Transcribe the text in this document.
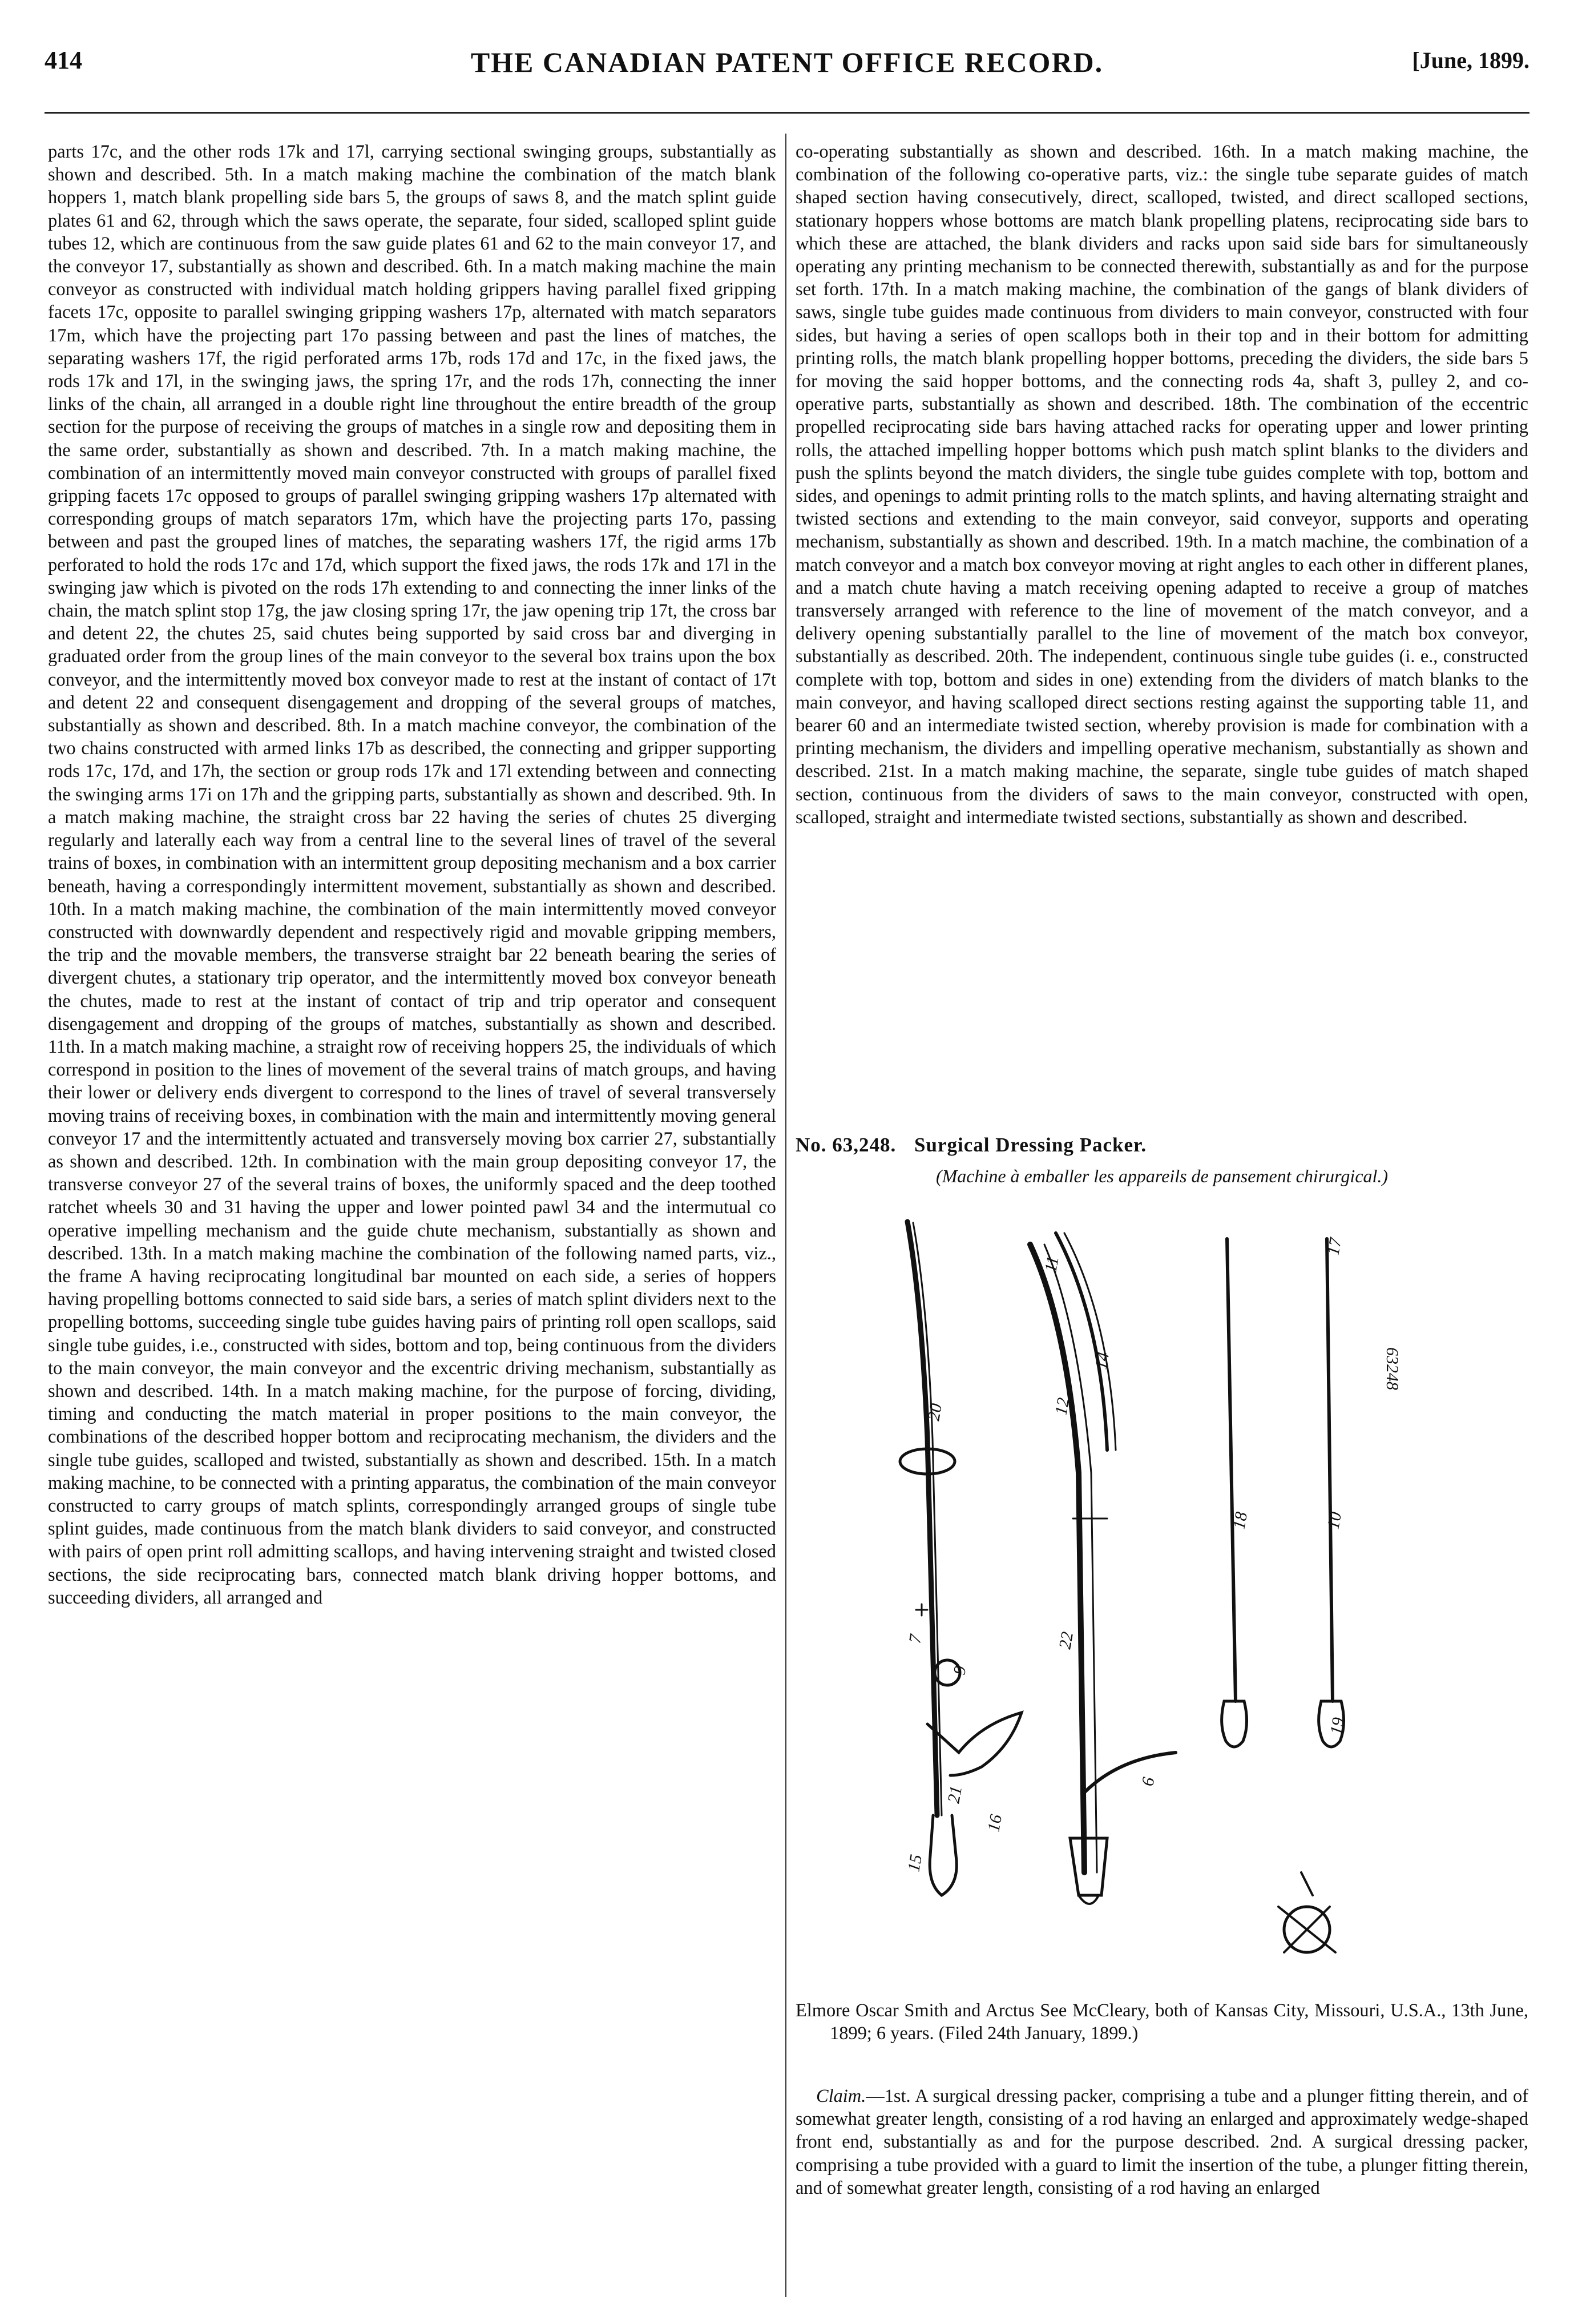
414	THE CANADIAN PATENT OFFICE RECORD.	[June, 1899.

parts 17c, and the other rods 17k and 17l, carrying sectional swinging groups, substantially as shown and described. 5th. In a match making machine the combination of the match blank hoppers 1, match blank propelling side bars 5, the groups of saws 8, and the match splint guide plates 61 and 62, through which the saws operate, the separate, four sided, scalloped splint guide tubes 12, which are continuous from the saw guide plates 61 and 62 to the main conveyor 17, and the conveyor 17, substantially as shown and described. 6th. In a match making machine the main conveyor as constructed with individual match holding grippers having parallel fixed gripping facets 17c, opposite to parallel swinging gripping washers 17p, alternated with match separators 17m, which have the projecting part 17o passing between and past the lines of matches, the separating washers 17f, the rigid perforated arms 17b, rods 17d and 17c, in the fixed jaws, the rods 17k and 17l, in the swinging jaws, the spring 17r, and the rods 17h, connecting the inner links of the chain, all arranged in a double right line throughout the entire breadth of the group section for the purpose of receiving the groups of matches in a single row and depositing them in the same order, substantially as shown and described. 7th. In a match making machine, the combination of an intermittently moved main conveyor constructed with groups of parallel fixed gripping facets 17c opposed to groups of parallel swinging gripping washers 17p alternated with corresponding groups of match separators 17m, which have the projecting parts 17o, passing between and past the grouped lines of matches, the separating washers 17f, the rigid arms 17b perforated to hold the rods 17c and 17d, which support the fixed jaws, the rods 17k and 17l in the swinging jaw which is pivoted on the rods 17h extending to and connecting the inner links of the chain, the match splint stop 17g, the jaw closing spring 17r, the jaw opening trip 17t, the cross bar and detent 22, the chutes 25, said chutes being supported by said cross bar and diverging in graduated order from the group lines of the main conveyor to the several box trains upon the box conveyor, and the intermittently moved box conveyor made to rest at the instant of contact of 17t and detent 22 and consequent disengagement and dropping of the several groups of matches, substantially as shown and described. 8th. In a match machine conveyor, the combination of the two chains constructed with armed links 17b as described, the connecting and gripper supporting rods 17c, 17d, and 17h, the section or group rods 17k and 17l extending between and connecting the swinging arms 17i on 17h and the gripping parts, substantially as shown and described. 9th. In a match making machine, the straight cross bar 22 having the series of chutes 25 diverging regularly and laterally each way from a central line to the several lines of travel of the several trains of boxes, in combination with an intermittent group depositing mechanism and a box carrier beneath, having a correspondingly intermittent movement, substantially as shown and described. 10th. In a match making machine, the combination of the main intermittently moved conveyor constructed with downwardly dependent and respectively rigid and movable gripping members, the trip and the movable members, the transverse straight bar 22 beneath bearing the series of divergent chutes, a stationary trip operator, and the intermittently moved box conveyor beneath the chutes, made to rest at the instant of contact of trip and trip operator and consequent disengagement and dropping of the groups of matches, substantially as shown and described. 11th. In a match making machine, a straight row of receiving hoppers 25, the individuals of which correspond in position to the lines of movement of the several trains of match groups, and having their lower or delivery ends divergent to correspond to the lines of travel of several transversely moving trains of receiving boxes, in combination with the main and intermittently moving general conveyor 17 and the intermittently actuated and transversely moving box carrier 27, substantially as shown and described. 12th. In combination with the main group depositing conveyor 17, the transverse conveyor 27 of the several trains of boxes, the uniformly spaced and the deep toothed ratchet wheels 30 and 31 having the upper and lower pointed pawl 34 and the intermutual co operative impelling mechanism and the guide chute mechanism, substantially as shown and described. 13th. In a match making machine the combination of the following named parts, viz., the frame A having reciprocating longitudinal bar mounted on each side, a series of hoppers having propelling bottoms connected to said side bars, a series of match splint dividers next to the propelling bottoms, succeeding single tube guides having pairs of printing roll open scallops, said single tube guides, i.e., constructed with sides, bottom and top, being continuous from the dividers to the main conveyor, the main conveyor and the excentric driving mechanism, substantially as shown and described. 14th. In a match making machine, for the purpose of forcing, dividing, timing and conducting the match material in proper positions to the main conveyor, the combinations of the described hopper bottom and reciprocating mechanism, the dividers and the single tube guides, scalloped and twisted, substantially as shown and described. 15th. In a match making machine, to be connected with a printing apparatus, the combination of the main conveyor constructed to carry groups of match splints, correspondingly arranged groups of single tube splint guides, made continuous from the match blank dividers to said conveyor, and constructed with pairs of open print roll admitting scallops, and having intervening straight and twisted closed sections, the side reciprocating bars, connected match blank driving hopper bottoms, and succeeding dividers, all arranged and

co-operating substantially as shown and described. 16th. In a match making machine, the combination of the following co-operative parts, viz.: the single tube separate guides of match shaped section having consecutively, direct, scalloped, twisted, and direct scalloped sections, stationary hoppers whose bottoms are match blank propelling platens, reciprocating side bars to which these are attached, the blank dividers and racks upon said side bars for simultaneously operating any printing mechanism to be connected therewith, substantially as and for the purpose set forth. 17th. In a match making machine, the combination of the gangs of blank dividers of saws, single tube guides made continuous from dividers to main conveyor, constructed with four sides, but having a series of open scallops both in their top and in their bottom for admitting printing rolls, the match blank propelling hopper bottoms, preceding the dividers, the side bars 5 for moving the said hopper bottoms, and the connecting rods 4a, shaft 3, pulley 2, and co-operative parts, substantially as shown and described. 18th. The combination of the eccentric propelled reciprocating side bars having attached racks for operating upper and lower printing rolls, the attached impelling hopper bottoms which push match splint blanks to the dividers and push the splints beyond the match dividers, the single tube guides complete with top, bottom and sides, and openings to admit printing rolls to the match splints, and having alternating straight and twisted sections and extending to the main conveyor, said conveyor, supports and operating mechanism, substantially as shown and described. 19th. In a match machine, the combination of a match conveyor and a match box conveyor moving at right angles to each other in different planes, and a match chute having a match receiving opening adapted to receive a group of matches transversely arranged with reference to the line of movement of the match conveyor, and a delivery opening substantially parallel to the line of movement of the match box conveyor, substantially as described. 20th. The independent, continuous single tube guides (i. e., constructed complete with top, bottom and sides in one) extending from the dividers of match blanks to the main conveyor, and having scalloped direct sections resting against the supporting table 11, and bearer 60 and an intermediate twisted section, whereby provision is made for combination with a printing mechanism, the dividers and impelling operative mechanism, substantially as shown and described. 21st. In a match making machine, the separate, single tube guides of match shaped section, continuous from the dividers of saws to the main conveyor, constructed with open, scalloped, straight and intermediate twisted sections, substantially as shown and described.

No. 63,248. Surgical Dressing Packer.
(Machine à emballer les appareils de pansement chirurgical.)
63248
20
7
9
21
15
16
11
12
14
22
6
18
19
17
10
Elmore Oscar Smith and Arctus See McCleary, both of Kansas City, Missouri, U.S.A., 13th June, 1899; 6 years. (Filed 24th January, 1899.)
Claim.—1st. A surgical dressing packer, comprising a tube and a plunger fitting therein, and of somewhat greater length, consisting of a rod having an enlarged and approximately wedge-shaped front end, substantially as and for the purpose described. 2nd. A surgical dressing packer, comprising a tube provided with a guard to limit the insertion of the tube, a plunger fitting therein, and of somewhat greater length, consisting of a rod having an enlarged
